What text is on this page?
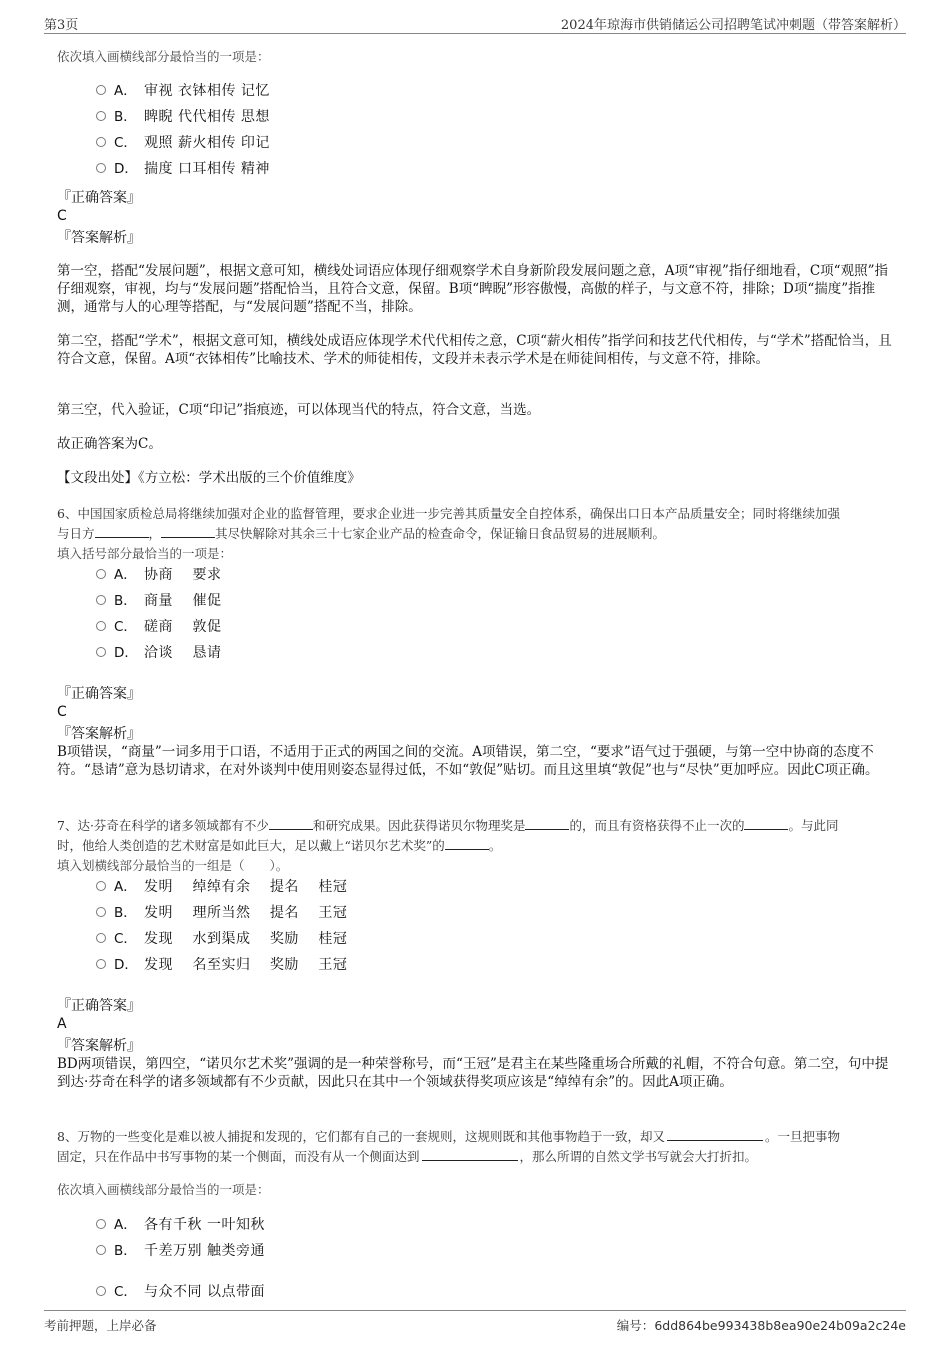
第3页	2024年琼海市供销储运公司招聘笔试冲刺题（带答案解析）
依次填入画横线部分最恰当的一项是：
A． 审视 衣钵相传 记忆
B． 睥睨 代代相传 思想
C． 观照 薪火相传 印记
D． 揣度 口耳相传 精神
『正确答案』
C
『答案解析』
第一空，搭配“发展问题”，根据文意可知，横线处词语应体现仔细观察学术自身新阶段发展问题之意，A项“审视”指仔细地看，C项“观照”指仔细观察，审视，均与“发展问题”搭配恰当，且符合文意，保留。B项“睥睨”形容傲慢，高傲的样子，与文意不符，排除；D项“揣度”指推测，通常与人的心理等搭配，与“发展问题”搭配不当，排除。
第二空，搭配“学术”，根据文意可知，横线处成语应体现学术代代相传之意，C项“薪火相传”指学问和技艺代代相传，与“学术”搭配恰当，且符合文意，保留。A项“衣钵相传”比喻技术、学术的师徒相传，文段并未表示学术是在师徒间相传，与文意不符，排除。
第三空，代入验证，C项“印记”指痕迹，可以体现当代的特点，符合文意，当选。
故正确答案为C。
【文段出处】《方立松：学术出版的三个价值维度》
6、中国国家质检总局将继续加强对企业的监督管理，要求企业进一步完善其质量安全自控体系，确保出口日本产品质量安全；同时将继续加强
与日方	，	其尽快解除对其余三十七家企业产品的检查命令，保证输日食品贸易的进展顺利。
填入括号部分最恰当的一项是：
A． 协商　 要求
B． 商量　 催促
C． 磋商　 敦促
D． 洽谈　 恳请
『正确答案』
C
『答案解析』
B项错误，“商量”一词多用于口语，不适用于正式的两国之间的交流。A项错误，第二空，“要求”语气过于强硬，与第一空中协商的态度不符。“恳请”意为恳切请求，在对外谈判中使用则姿态显得过低，不如“敦促”贴切。而且这里填“敦促”也与“尽快”更加呼应。因此C项正确。
7、达·芬奇在科学的诸多领域都有不少	和研究成果。因此获得诺贝尔物理奖是	的，而且有资格获得不止一次的	。与此同
时，他给人类创造的艺术财富是如此巨大，足以戴上“诺贝尔艺术奖”的	。
填入划横线部分最恰当的一组是（　　）。
A． 发明　 绰绰有余　 提名　 桂冠
B． 发明　 理所当然　 提名　 王冠
C． 发现　 水到渠成　 奖励　 桂冠
D． 发现　 名至实归　 奖励　 王冠
『正确答案』
A
『答案解析』
BD两项错误，第四空，“诺贝尔艺术奖”强调的是一种荣誉称号，而“王冠”是君主在某些隆重场合所戴的礼帽，不符合句意。第二空，句中提到达·芬奇在科学的诸多领域都有不少贡献，因此只在其中一个领域获得奖项应该是“绰绰有余”的。因此A项正确。
8、万物的一些变化是难以被人捕捉和发现的，它们都有自己的一套规则，这规则既和其他事物趋于一致，却又	。一旦把事物
固定，只在作品中书写事物的某一个侧面，而没有从一个侧面达到	，那么所谓的自然文学书写就会大打折扣。
依次填入画横线部分最恰当的一项是：
A． 各有千秋 一叶知秋
B． 千差万别 触类旁通
C． 与众不同 以点带面
考前押题，上岸必备	编号：6dd864be993438b8ea90e24b09a2c24e
